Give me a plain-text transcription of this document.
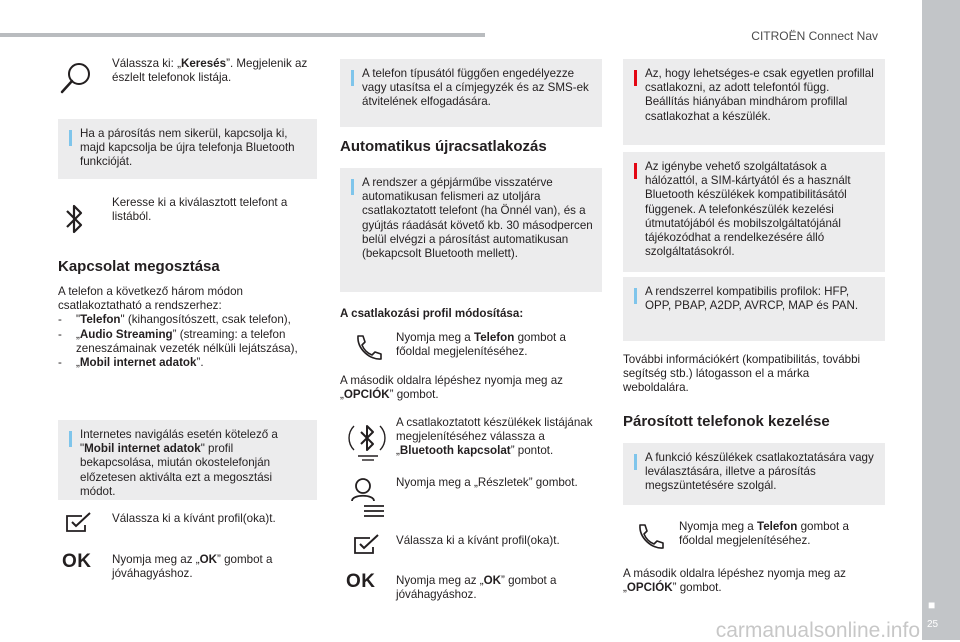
CITROËN Connect Nav
■
25
Válassza ki: „Keresés”. Megjelenik az észlelt telefonok listája.
Ha a párosítás nem sikerül, kapcsolja ki, majd kapcsolja be újra telefonja Bluetooth funkcióját.
Keresse ki a kiválasztott telefont a listából.
Kapcsolat megosztása
A telefon a következő három módon csatlakoztatható a rendszerhez:
- "Telefon" (kihangosítószett, csak telefon),
- „Audio Streaming” (streaming: a telefon zeneszámainak vezeték nélküli lejátszása),
- „Mobil internet adatok”.
Internetes navigálás esetén kötelező a "Mobil internet adatok" profil bekapcsolása, miután okostelefonján előzetesen aktiválta ezt a megosztási módot.
Válassza ki a kívánt profil(oka)t.
OK Nyomja meg az „OK” gombot a jóváhagyáshoz.
A telefon típusától függően engedélyezze vagy utasítsa el a címjegyzék és az SMS-ek átvitelének elfogadására.
Automatikus újracsatlakozás
A rendszer a gépjárműbe visszatérve automatikusan felismeri az utoljára csatlakoztatott telefont (ha Önnél van), és a gyújtás ráadását követő kb. 30 másodpercen belül elvégzi a párosítást automatikusan (bekapcsolt Bluetooth mellett).
A csatlakozási profil módosítása:
Nyomja meg a Telefon gombot a főoldal megjelenítéséhez.
A második oldalra lépéshez nyomja meg az „OPCIÓK” gombot.
A csatlakoztatott készülékek listájának megjelenítéséhez válassza a „Bluetooth kapcsolat” pontot.
Nyomja meg a „Részletek” gombot.
Válassza ki a kívánt profil(oka)t.
OK Nyomja meg az „OK” gombot a jóváhagyáshoz.
Az, hogy lehetséges-e csak egyetlen profillal csatlakozni, az adott telefontól függ.
Beállítás hiányában mindhárom profillal csatlakozhat a készülék.
Az igénybe vehető szolgáltatások a hálózattól, a SIM-kártyától és a használt Bluetooth készülékek kompatibilitásától függenek. A telefonkészülék kezelési útmutatójából és mobilszolgáltatójánál tájékozódhat a rendelkezésére álló szolgáltatásokról.
A rendszerrel kompatibilis profilok: HFP, OPP, PBAP, A2DP, AVRCP, MAP és PAN.
További információkért (kompatibilitás, további segítség stb.) látogasson el a márka weboldalára.
Párosított telefonok kezelése
A funkció készülékek csatlakoztatására vagy leválasztására, illetve a párosítás megszüntetésére szolgál.
Nyomja meg a Telefon gombot a főoldal megjelenítéséhez.
A második oldalra lépéshez nyomja meg az „OPCIÓK” gombot.
carmanualsonline.info
